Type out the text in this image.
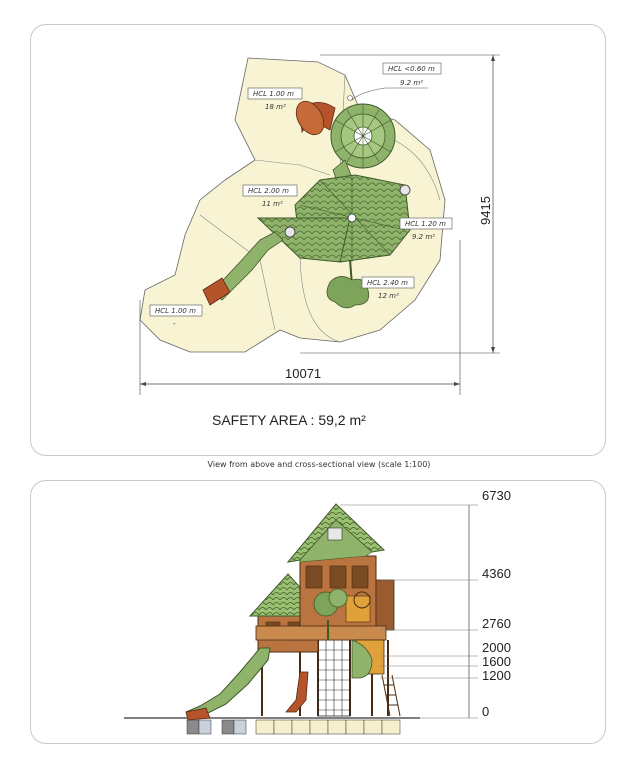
View from above and cross-sectional view (scale 1:100)
HCL <0.60 m
9.2 m²
HCL 1.00 m
18 m²
HCL 2.00 m
11 m²
HCL 1.20 m
9.2 m²
HCL 2.40 m
12 m²
HCL 1.00 m
-
10071
9415
SAFETY AREA : 59,2 m²
6730
4360
2760
2000
1600
1200
0
